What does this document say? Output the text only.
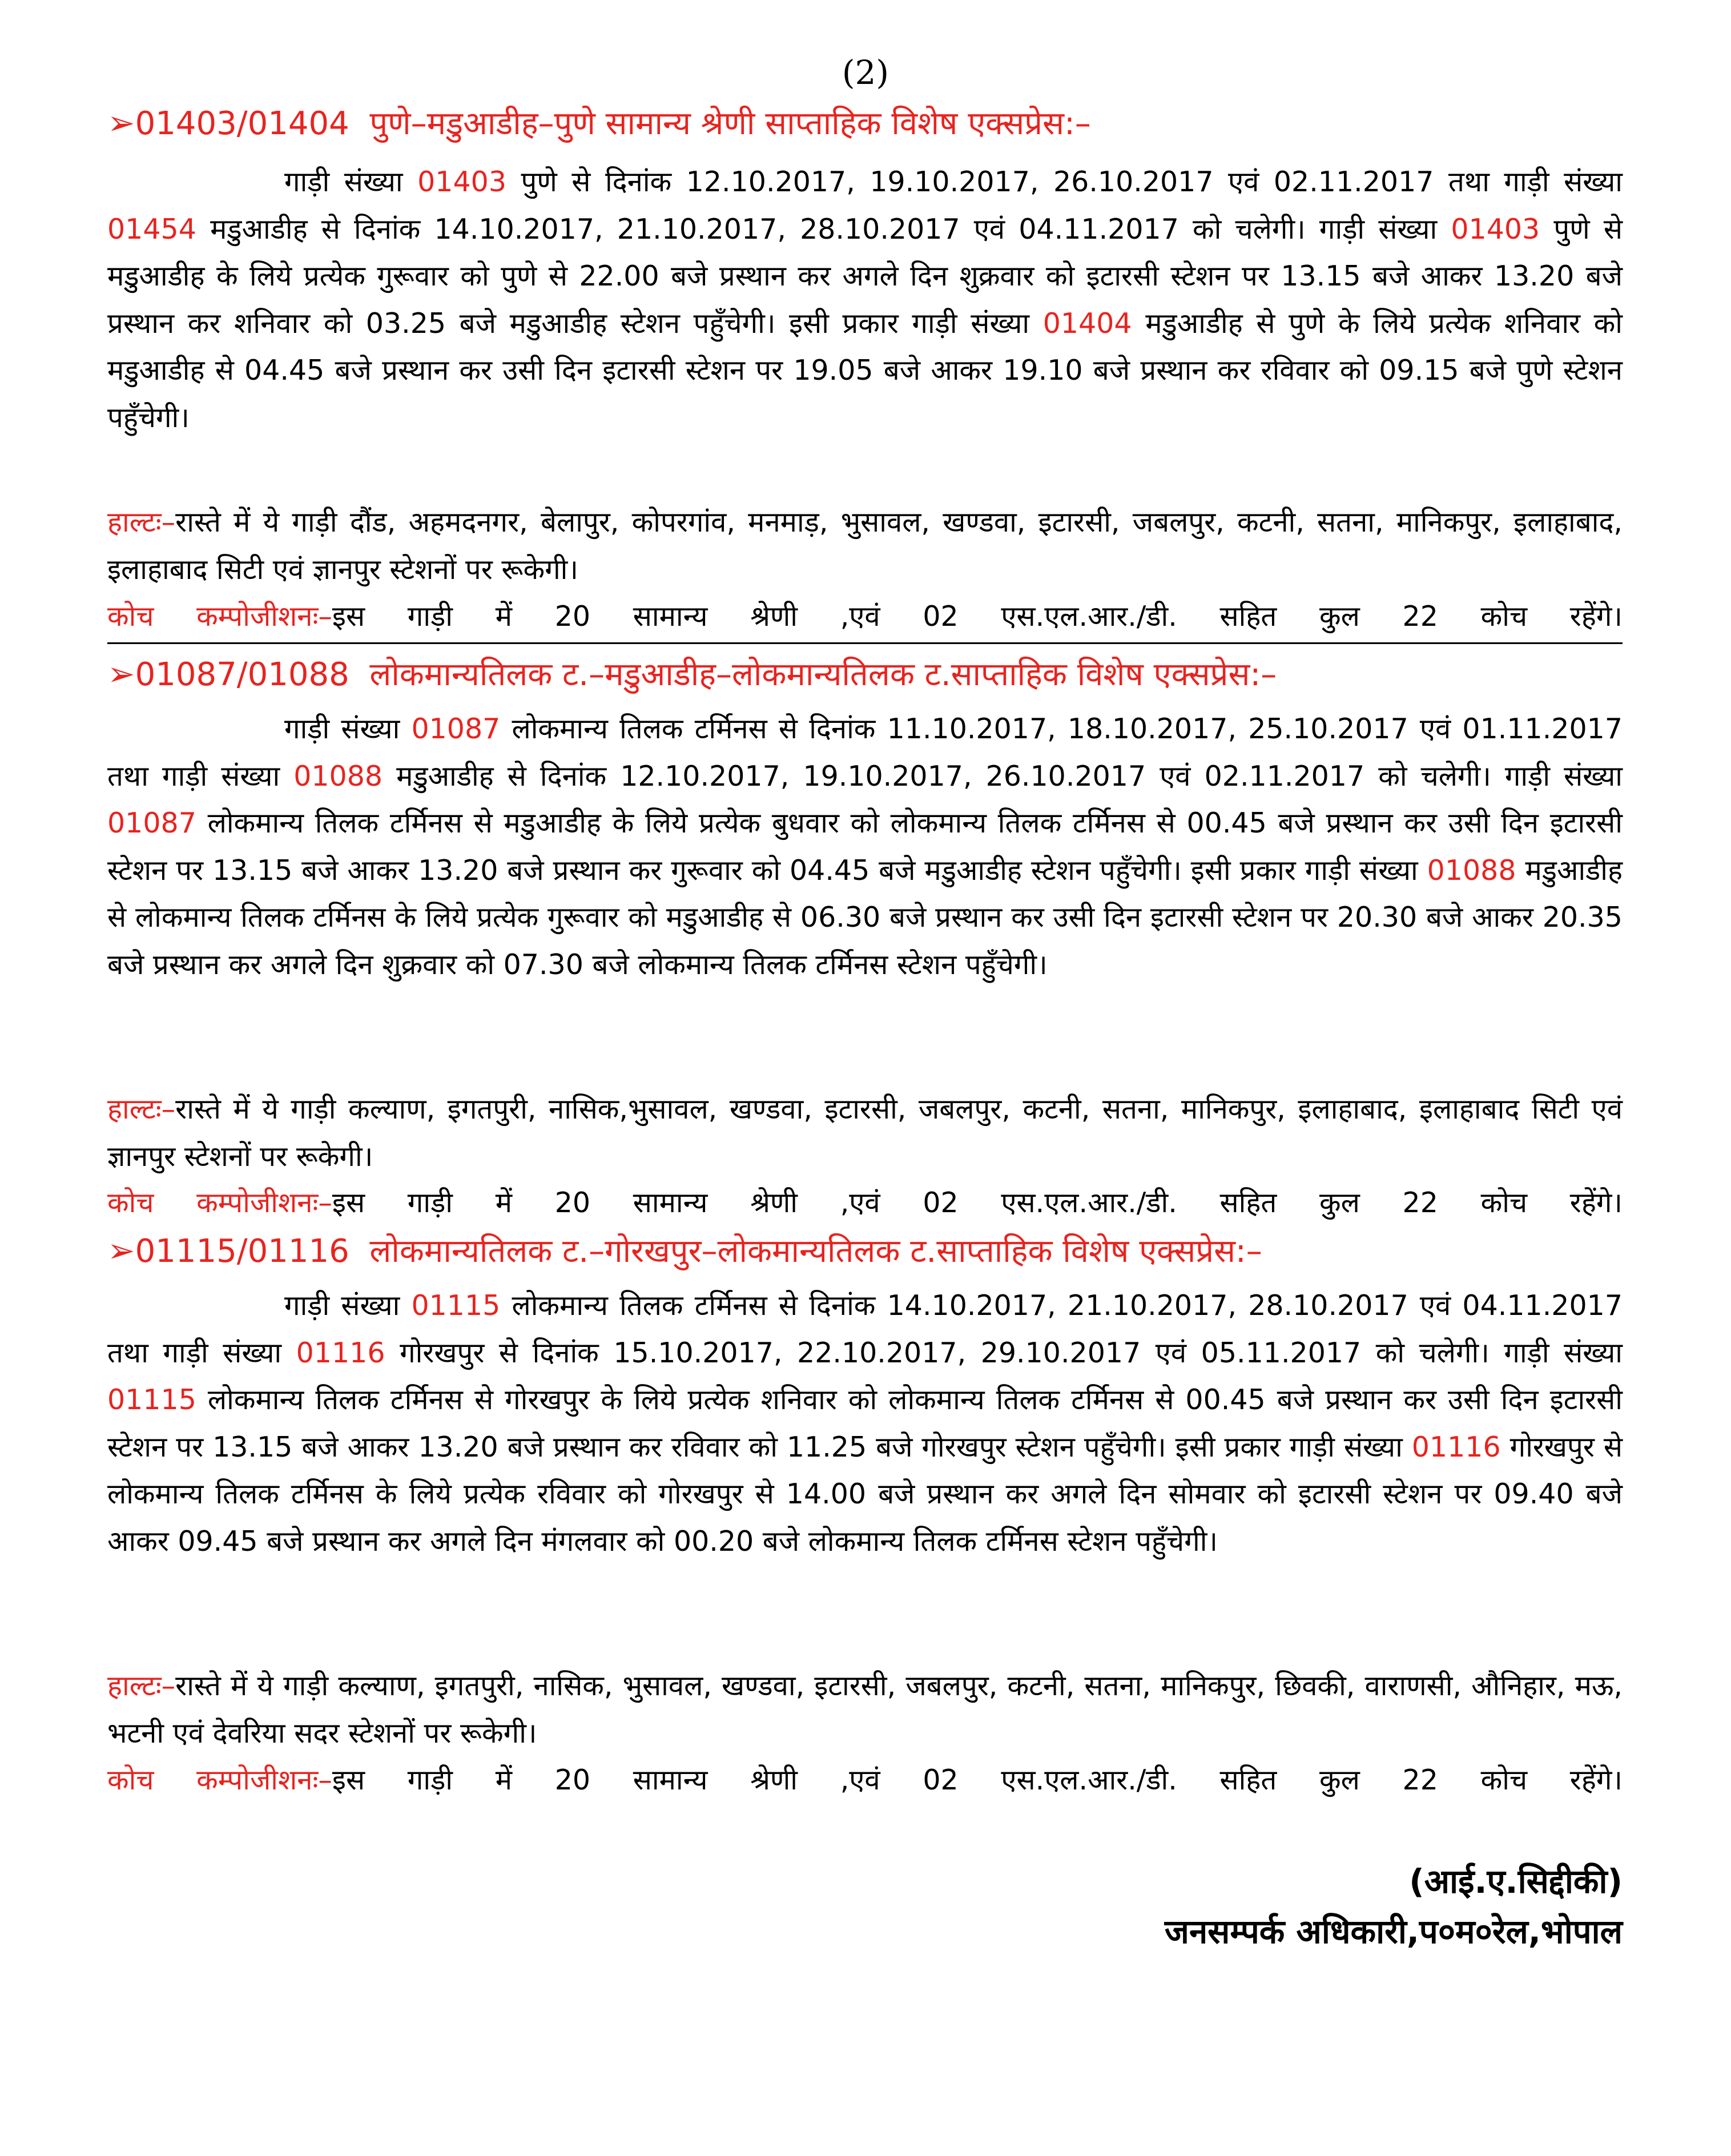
(2)
➢01403/01404 पुणे–मडुआडीह–पुणे सामान्य श्रेणी साप्ताहिक विशेष एक्सप्रेस:–
गाड़ी संख्या 01403 पुणे से दिनांक 12.10.2017, 19.10.2017, 26.10.2017 एवं 02.11.2017 तथा गाड़ी संख्या 01454 मडुआडीह से दिनांक 14.10.2017, 21.10.2017, 28.10.2017 एवं 04.11.2017 को चलेगी। गाड़ी संख्या 01403 पुणे से मडुआडीह के लिये प्रत्येक गुरूवार को पुणे से 22.00 बजे प्रस्थान कर अगले दिन शुक्रवार को इटारसी स्टेशन पर 13.15 बजे आकर 13.20 बजे प्रस्थान कर शनिवार को 03.25 बजे मडुआडीह स्टेशन पहुँचेगी। इसी प्रकार गाड़ी संख्या 01404 मडुआडीह से पुणे के लिये प्रत्येक शनिवार को मडुआडीह से 04.45 बजे प्रस्थान कर उसी दिन इटारसी स्टेशन पर 19.05 बजे आकर 19.10 बजे प्रस्थान कर रविवार को 09.15 बजे पुणे स्टेशन पहुँचेगी।
हाल्टः–रास्ते में ये गाड़ी दौंड, अहमदनगर, बेलापुर, कोपरगांव, मनमाड़, भुसावल, खण्डवा, इटारसी, जबलपुर, कटनी, सतना, मानिकपुर, इलाहाबाद, इलाहाबाद सिटी एवं ज्ञानपुर स्टेशनों पर रूकेगी।
कोच कम्पोजीशनः–इस गाड़ी में 20 सामान्य श्रेणी ,एवं 02 एस.एल.आर./डी. सहित कुल 22 कोच रहेंगे।
➢01087/01088 लोकमान्यतिलक ट.–मडुआडीह–लोकमान्यतिलक ट.साप्ताहिक विशेष एक्सप्रेस:–
गाड़ी संख्या 01087 लोकमान्य तिलक टर्मिनस से दिनांक 11.10.2017, 18.10.2017, 25.10.2017 एवं 01.11.2017 तथा गाड़ी संख्या 01088 मडुआडीह से दिनांक 12.10.2017, 19.10.2017, 26.10.2017 एवं 02.11.2017 को चलेगी। गाड़ी संख्या 01087 लोकमान्य तिलक टर्मिनस से मडुआडीह के लिये प्रत्येक बुधवार को लोकमान्य तिलक टर्मिनस से 00.45 बजे प्रस्थान कर उसी दिन इटारसी स्टेशन पर 13.15 बजे आकर 13.20 बजे प्रस्थान कर गुरूवार को 04.45 बजे मडुआडीह स्टेशन पहुँचेगी। इसी प्रकार गाड़ी संख्या 01088 मडुआडीह से लोकमान्य तिलक टर्मिनस के लिये प्रत्येक गुरूवार को मडुआडीह से 06.30 बजे प्रस्थान कर उसी दिन इटारसी स्टेशन पर 20.30 बजे आकर 20.35 बजे प्रस्थान कर अगले दिन शुक्रवार को 07.30 बजे लोकमान्य तिलक टर्मिनस स्टेशन पहुँचेगी।
हाल्टः–रास्ते में ये गाड़ी कल्याण, इगतपुरी, नासिक,भुसावल, खण्डवा, इटारसी, जबलपुर, कटनी, सतना, मानिकपुर, इलाहाबाद, इलाहाबाद सिटी एवं ज्ञानपुर स्टेशनों पर रूकेगी।
कोच कम्पोजीशनः–इस गाड़ी में 20 सामान्य श्रेणी ,एवं 02 एस.एल.आर./डी. सहित कुल 22 कोच रहेंगे।
➢01115/01116 लोकमान्यतिलक ट.–गोरखपुर–लोकमान्यतिलक ट.साप्ताहिक विशेष एक्सप्रेस:–
गाड़ी संख्या 01115 लोकमान्य तिलक टर्मिनस से दिनांक 14.10.2017, 21.10.2017, 28.10.2017 एवं 04.11.2017 तथा गाड़ी संख्या 01116 गोरखपुर से दिनांक 15.10.2017, 22.10.2017, 29.10.2017 एवं 05.11.2017 को चलेगी। गाड़ी संख्या 01115 लोकमान्य तिलक टर्मिनस से गोरखपुर के लिये प्रत्येक शनिवार को लोकमान्य तिलक टर्मिनस से 00.45 बजे प्रस्थान कर उसी दिन इटारसी स्टेशन पर 13.15 बजे आकर 13.20 बजे प्रस्थान कर रविवार को 11.25 बजे गोरखपुर स्टेशन पहुँचेगी। इसी प्रकार गाड़ी संख्या 01116 गोरखपुर से लोकमान्य तिलक टर्मिनस के लिये प्रत्येक रविवार को गोरखपुर से 14.00 बजे प्रस्थान कर अगले दिन सोमवार को इटारसी स्टेशन पर 09.40 बजे आकर 09.45 बजे प्रस्थान कर अगले दिन मंगलवार को 00.20 बजे लोकमान्य तिलक टर्मिनस स्टेशन पहुँचेगी।
हाल्टः–रास्ते में ये गाड़ी कल्याण, इगतपुरी, नासिक, भुसावल, खण्डवा, इटारसी, जबलपुर, कटनी, सतना, मानिकपुर, छिवकी, वाराणसी, औनिहार, मऊ, भटनी एवं देवरिया सदर स्टेशनों पर रूकेगी।
कोच कम्पोजीशनः–इस गाड़ी में 20 सामान्य श्रेणी ,एवं 02 एस.एल.आर./डी. सहित कुल 22 कोच रहेंगे।
(आई.ए.सिद्दीकी)
जनसम्पर्क अधिकारी,प०म०रेल,भोपाल
